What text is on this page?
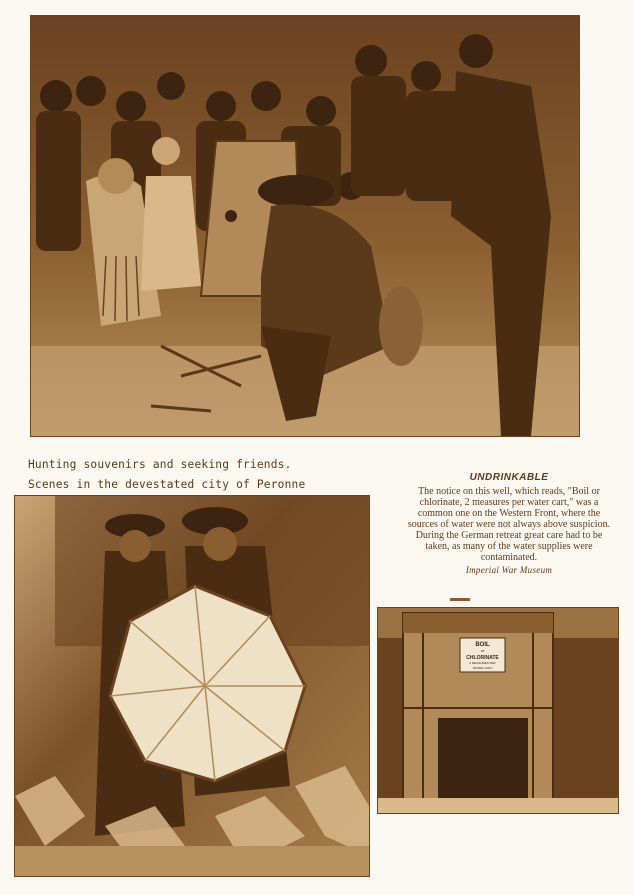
Hunting souvenirs and seeking friends.
Scenes in the devestated city of Peronne
UNDRINKABLE
The notice on this well, which reads, "Boil or chlorinate, 2 measures per water cart," was a common one on the Western Front, where the sources of water were not always above suspicion. During the German retreat great care had to be taken, as many of the water supplies were contaminated.
Imperial War Museum
BOIL
or
CHLORINATE
2 MEASURES PER
WATER CART
